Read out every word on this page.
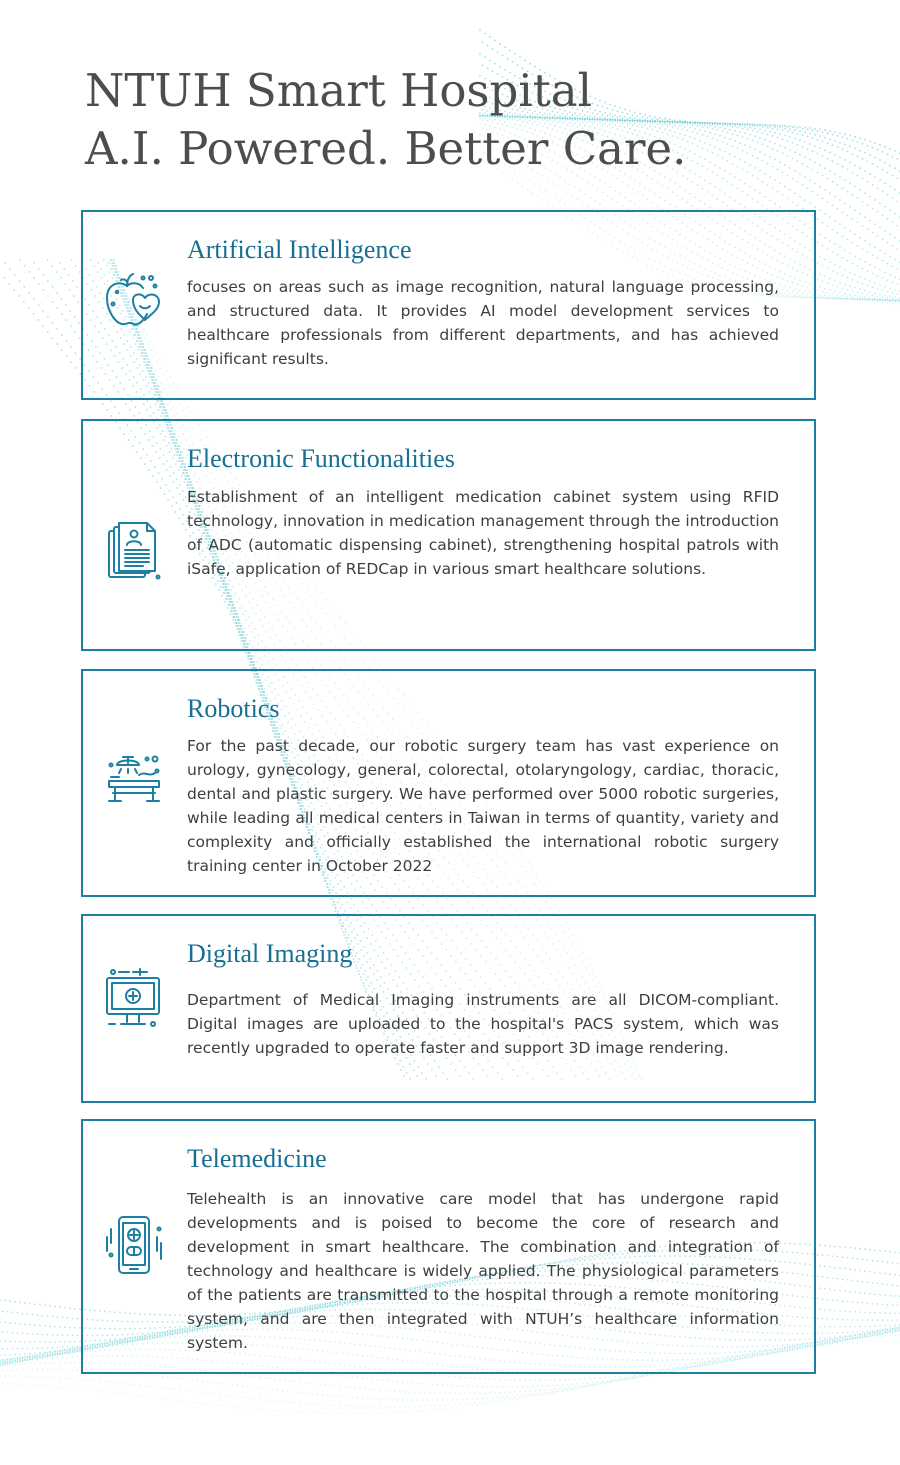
NTUH Smart Hospital
A.I. Powered. Better Care.
Artificial Intelligence

focuses on areas such as image recognition, natural language processing, and structured data. It provides AI model development services to healthcare professionals from different departments, and has achieved significant results.

Electronic Functionalities

Establishment of an intelligent medication cabinet system using RFID technology, innovation in medication management through the introduction of ADC (automatic dispensing cabinet), strengthening hospital patrols with iSafe, application of REDCap in various smart healthcare solutions.

Robotics

For the past decade, our robotic surgery team has vast experience on urology, gynecology, general, colorectal, otolaryngology, cardiac, thoracic, dental and plastic surgery. We have performed over 5000 robotic surgeries, while leading all medical centers in Taiwan in terms of quantity, variety and complexity and officially established the international robotic surgery training center in October 2022

Digital Imaging

Department of Medical Imaging instruments are all DICOM-compliant. Digital images are uploaded to the hospital's PACS system, which was recently upgraded to operate faster and support 3D image rendering.

Telemedicine

Telehealth is an innovative care model that has undergone rapid developments and is poised to become the core of research and development in smart healthcare. The combination and integration of technology and healthcare is widely applied. The physiological parameters of the patients are transmitted to the hospital through a remote monitoring system, and are then integrated with NTUH’s healthcare information system.
